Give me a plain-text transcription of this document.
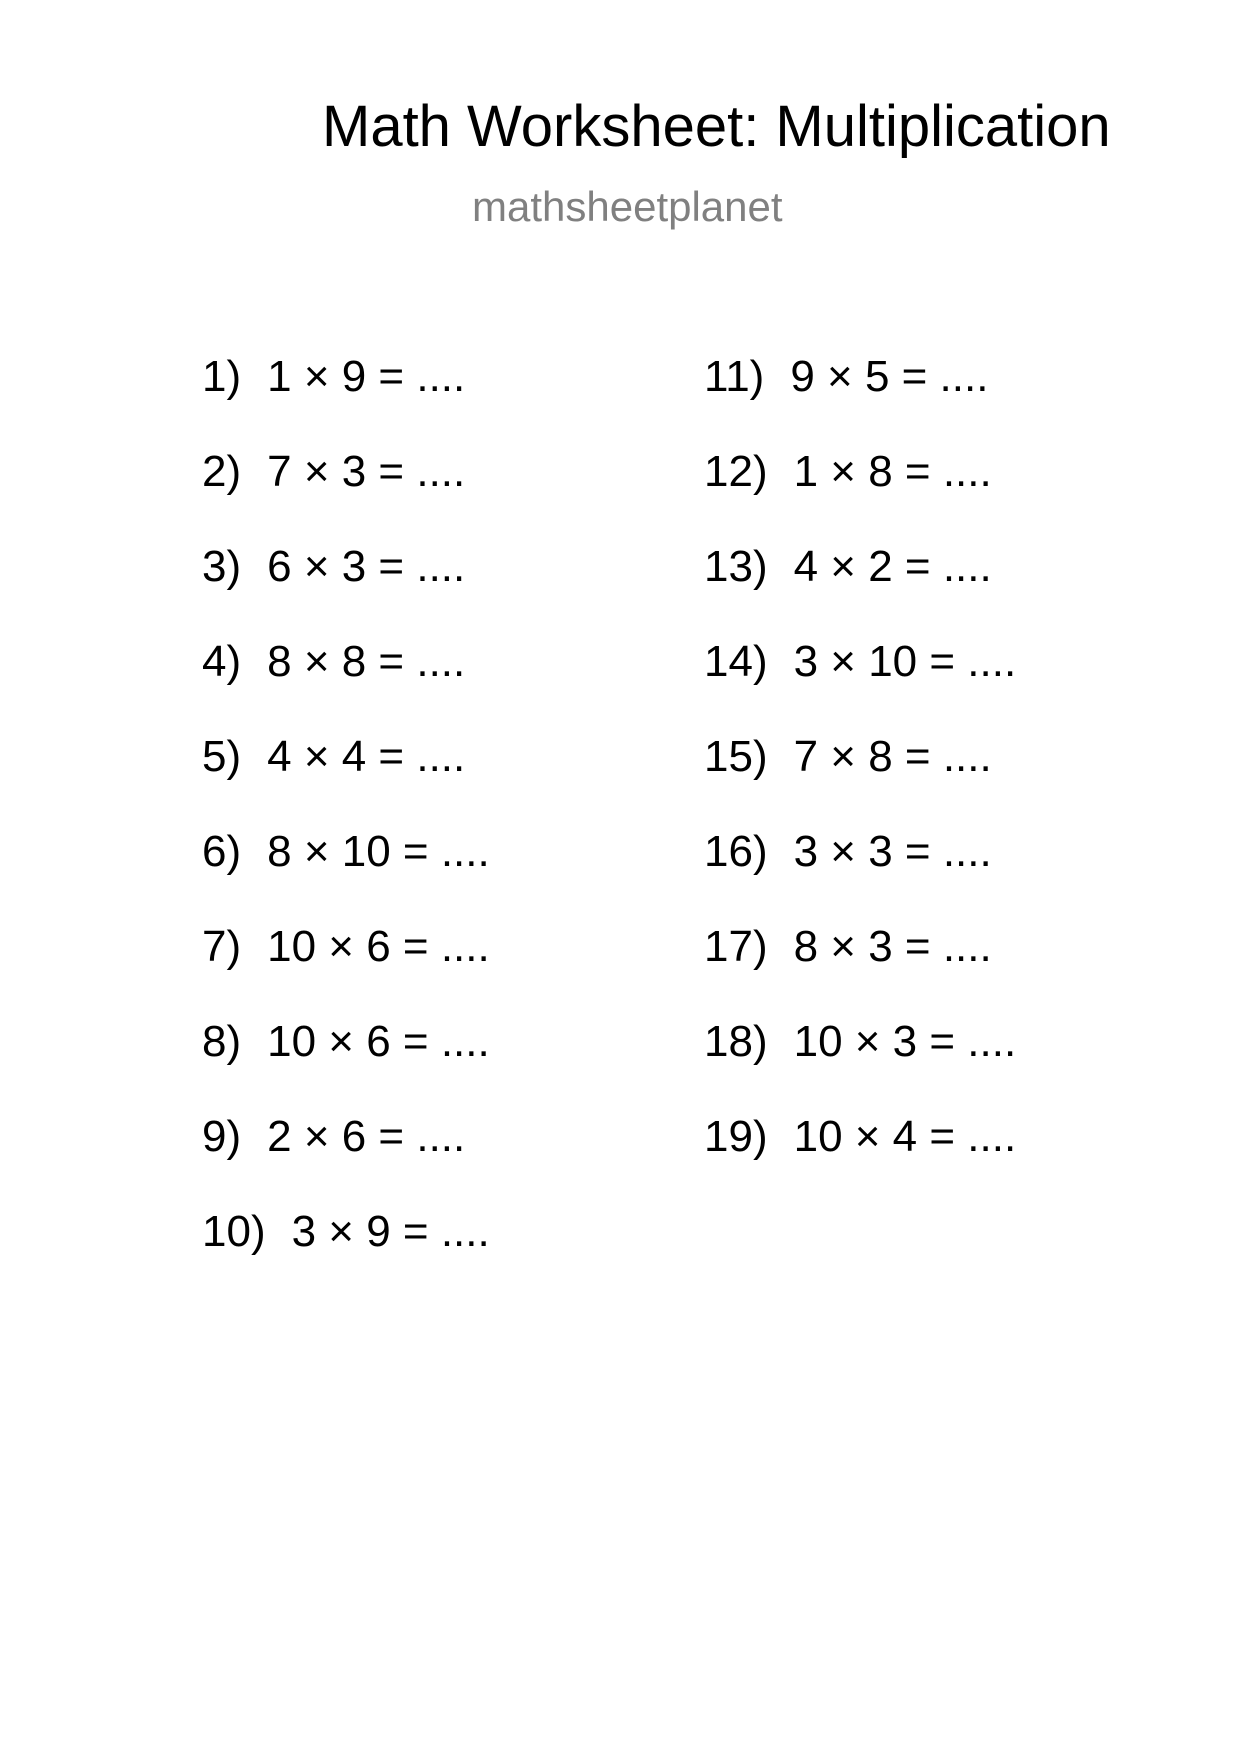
Math Worksheet: Multiplication
mathsheetplanet
1) 1 × 9 = ....
2) 7 × 3 = ....
3) 6 × 3 = ....
4) 8 × 8 = ....
5) 4 × 4 = ....
6) 8 × 10 = ....
7) 10 × 6 = ....
8) 10 × 6 = ....
9) 2 × 6 = ....
10) 3 × 9 = ....
11) 9 × 5 = ....
12) 1 × 8 = ....
13) 4 × 2 = ....
14) 3 × 10 = ....
15) 7 × 8 = ....
16) 3 × 3 = ....
17) 8 × 3 = ....
18) 10 × 3 = ....
19) 10 × 4 = ....
